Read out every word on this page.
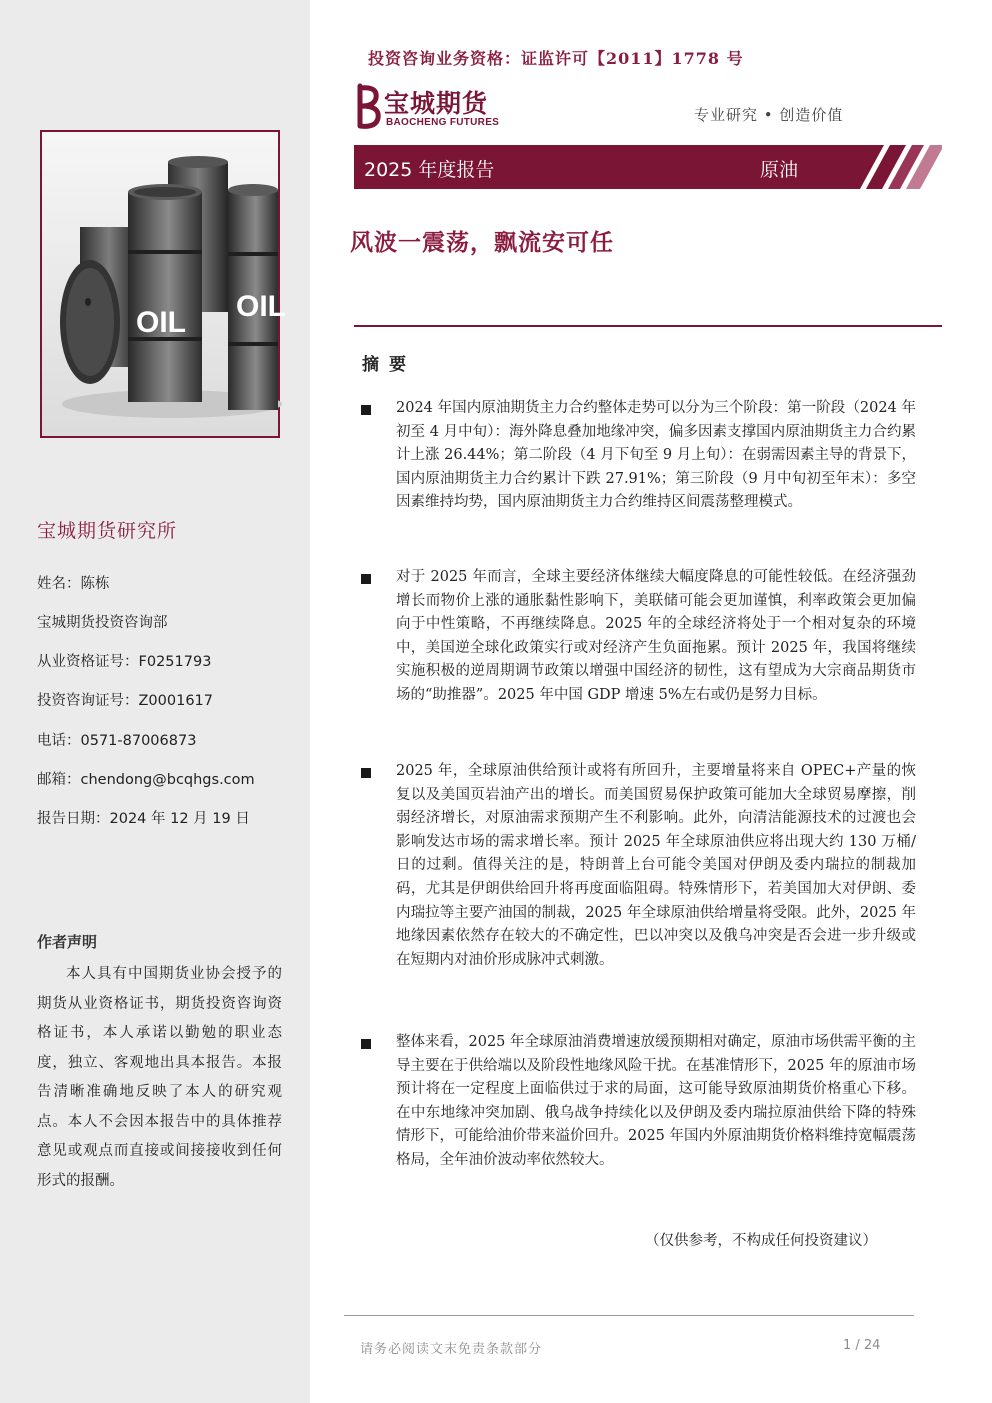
OIL OIL
宝城期货研究所
姓名：陈栋
宝城期货投资咨询部
从业资格证号：F0251793
投资咨询证号：Z0001617
电话：0571-87006873
邮箱：chendong@bcqhgs.com
报告日期：2024 年 12 月 19 日
作者声明
本人具有中国期货业协会授予的期货从业资格证书，期货投资咨询资格证书，本人承诺以勤勉的职业态度，独立、客观地出具本报告。本报告清晰准确地反映了本人的研究观点。本人不会因本报告中的具体推荐意见或观点而直接或间接接收到任何形式的报酬。
投资咨询业务资格：证监许可【2011】1778 号
宝城期货
BAOCHENG FUTURES	专业研究 • 创造价值
2025 年度报告	原油
风波一震荡，飘流安可任
摘要

2024 年国内原油期货主力合约整体走势可以分为三个阶段：第一阶段（2024 年初至 4 月中旬）：海外降息叠加地缘冲突，偏多因素支撑国内原油期货主力合约累计上涨 26.44%；第二阶段（4 月下旬至 9 月上旬）：在弱需因素主导的背景下，国内原油期货主力合约累计下跌 27.91%；第三阶段（9 月中旬初至年末）：多空因素维持均势，国内原油期货主力合约维持区间震荡整理模式。

对于 2025 年而言，全球主要经济体继续大幅度降息的可能性较低。在经济强劲增长而物价上涨的通胀黏性影响下，美联储可能会更加谨慎，利率政策会更加偏向于中性策略，不再继续降息。2025 年的全球经济将处于一个相对复杂的环境中，美国逆全球化政策实行或对经济产生负面拖累。预计 2025 年，我国将继续实施积极的逆周期调节政策以增强中国经济的韧性，这有望成为大宗商品期货市场的“助推器”。2025 年中国 GDP 增速 5%左右或仍是努力目标。

2025 年，全球原油供给预计或将有所回升，主要增量将来自 OPEC+产量的恢复以及美国页岩油产出的增长。而美国贸易保护政策可能加大全球贸易摩擦，削弱经济增长，对原油需求预期产生不利影响。此外，向清洁能源技术的过渡也会影响发达市场的需求增长率。预计 2025 年全球原油供应将出现大约 130 万桶/日的过剩。值得关注的是，特朗普上台可能令美国对伊朗及委内瑞拉的制裁加码，尤其是伊朗供给回升将再度面临阻碍。特殊情形下，若美国加大对伊朗、委内瑞拉等主要产油国的制裁，2025 年全球原油供给增量将受限。此外，2025 年地缘因素依然存在较大的不确定性，巴以冲突以及俄乌冲突是否会进一步升级或在短期内对油价形成脉冲式刺激。

整体来看，2025 年全球原油消费增速放缓预期相对确定，原油市场供需平衡的主导主要在于供给端以及阶段性地缘风险干扰。在基准情形下，2025 年的原油市场预计将在一定程度上面临供过于求的局面，这可能导致原油期货价格重心下移。在中东地缘冲突加剧、俄乌战争持续化以及伊朗及委内瑞拉原油供给下降的特殊情形下，可能给油价带来溢价回升。2025 年国内外原油期货价格料维持宽幅震荡格局，全年油价波动率依然较大。

（仅供参考，不构成任何投资建议）
请务必阅读文末免责条款部分	1 / 24
